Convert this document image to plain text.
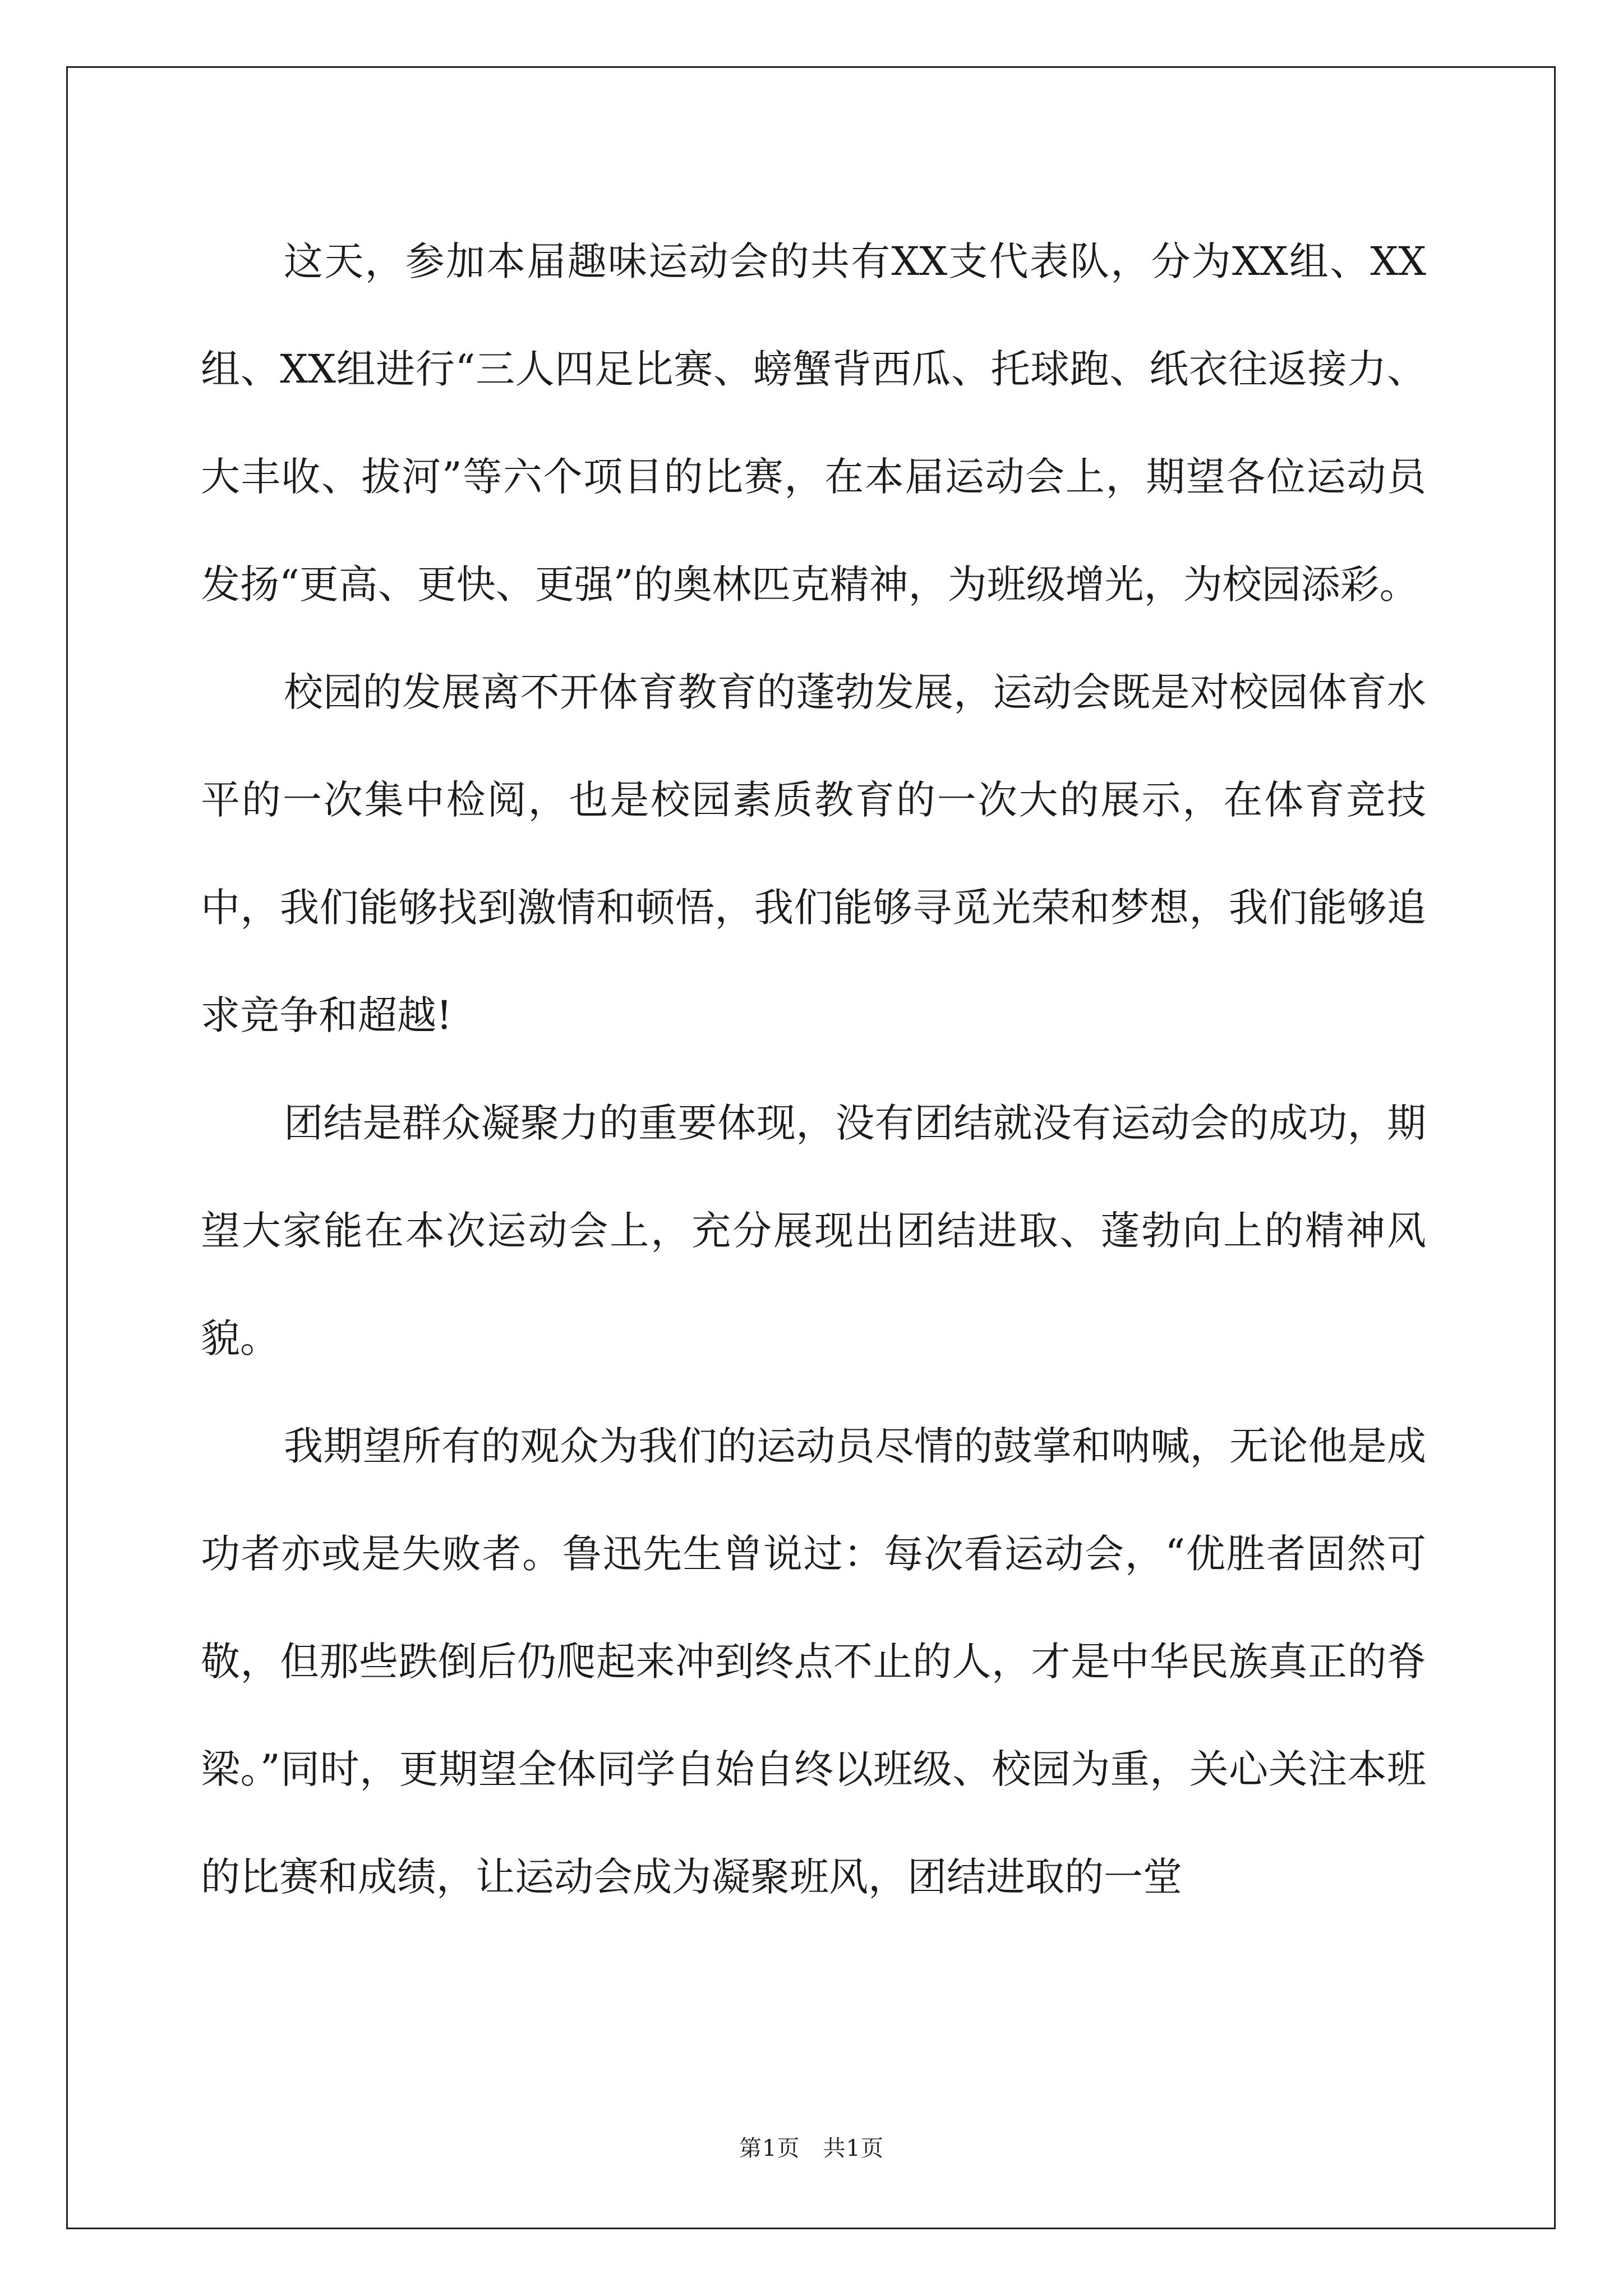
这天，参加本届趣味运动会的共有XX支代表队，分为XX组、XX组、XX组进行“三人四足比赛、螃蟹背西瓜、托球跑、纸衣往返接力、大丰收、拔河”等六个项目的比赛，在本届运动会上，期望各位运动员发扬“更高、更快、更强”的奥林匹克精神，为班级增光，为校园添彩。

校园的发展离不开体育教育的蓬勃发展，运动会既是对校园体育水平的一次集中检阅，也是校园素质教育的一次大的展示，在体育竞技中，我们能够找到激情和顿悟，我们能够寻觅光荣和梦想，我们能够追求竞争和超越!

团结是群众凝聚力的重要体现，没有团结就没有运动会的成功，期望大家能在本次运动会上，充分展现出团结进取、蓬勃向上的精神风貌。

我期望所有的观众为我们的运动员尽情的鼓掌和呐喊，无论他是成功者亦或是失败者。鲁迅先生曾说过：每次看运动会，“优胜者固然可敬，但那些跌倒后仍爬起来冲到终点不止的人，才是中华民族真正的脊梁。”同时，更期望全体同学自始自终以班级、校园为重，关心关注本班的比赛和成绩，让运动会成为凝聚班风，团结进取的一堂

第1页　共1页
